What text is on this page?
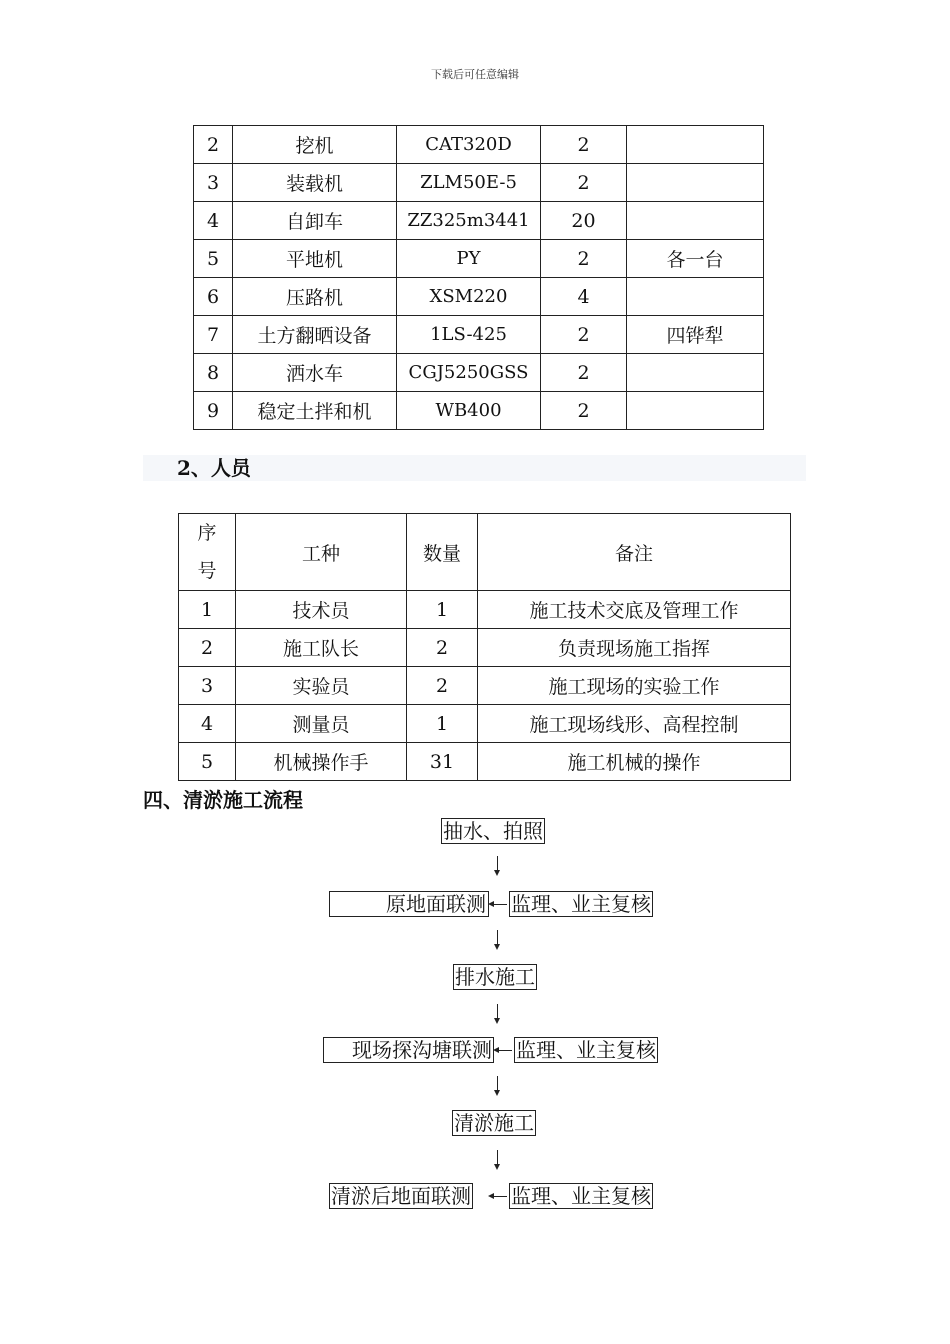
下载后可任意编辑
2	挖机	CAT320D	2	
3	装载机	ZLM50E-5	2	
4	自卸车	ZZ325m3441	20	
5	平地机	PY	2	各一台
6	压路机	XSM220	4	
7	土方翻晒设备	1LS-425	2	四铧犁
8	洒水车	CGJ5250GSS	2	
9	稳定土拌和机	WB400	2	
2、人员
序号	工种	数量	备注
1	技术员	1	施工技术交底及管理工作
2	施工队长	2	负责现场施工指挥
3	实验员	2	施工现场的实验工作
4	测量员	1	施工现场线形、高程控制
5	机械操作手	31	施工机械的操作
四、清淤施工流程
抽水、拍照
原地面联测 监理、业主复核
排水施工
现场探沟塘联测 监理、业主复核
清淤施工
清淤后地面联测 监理、业主复核
